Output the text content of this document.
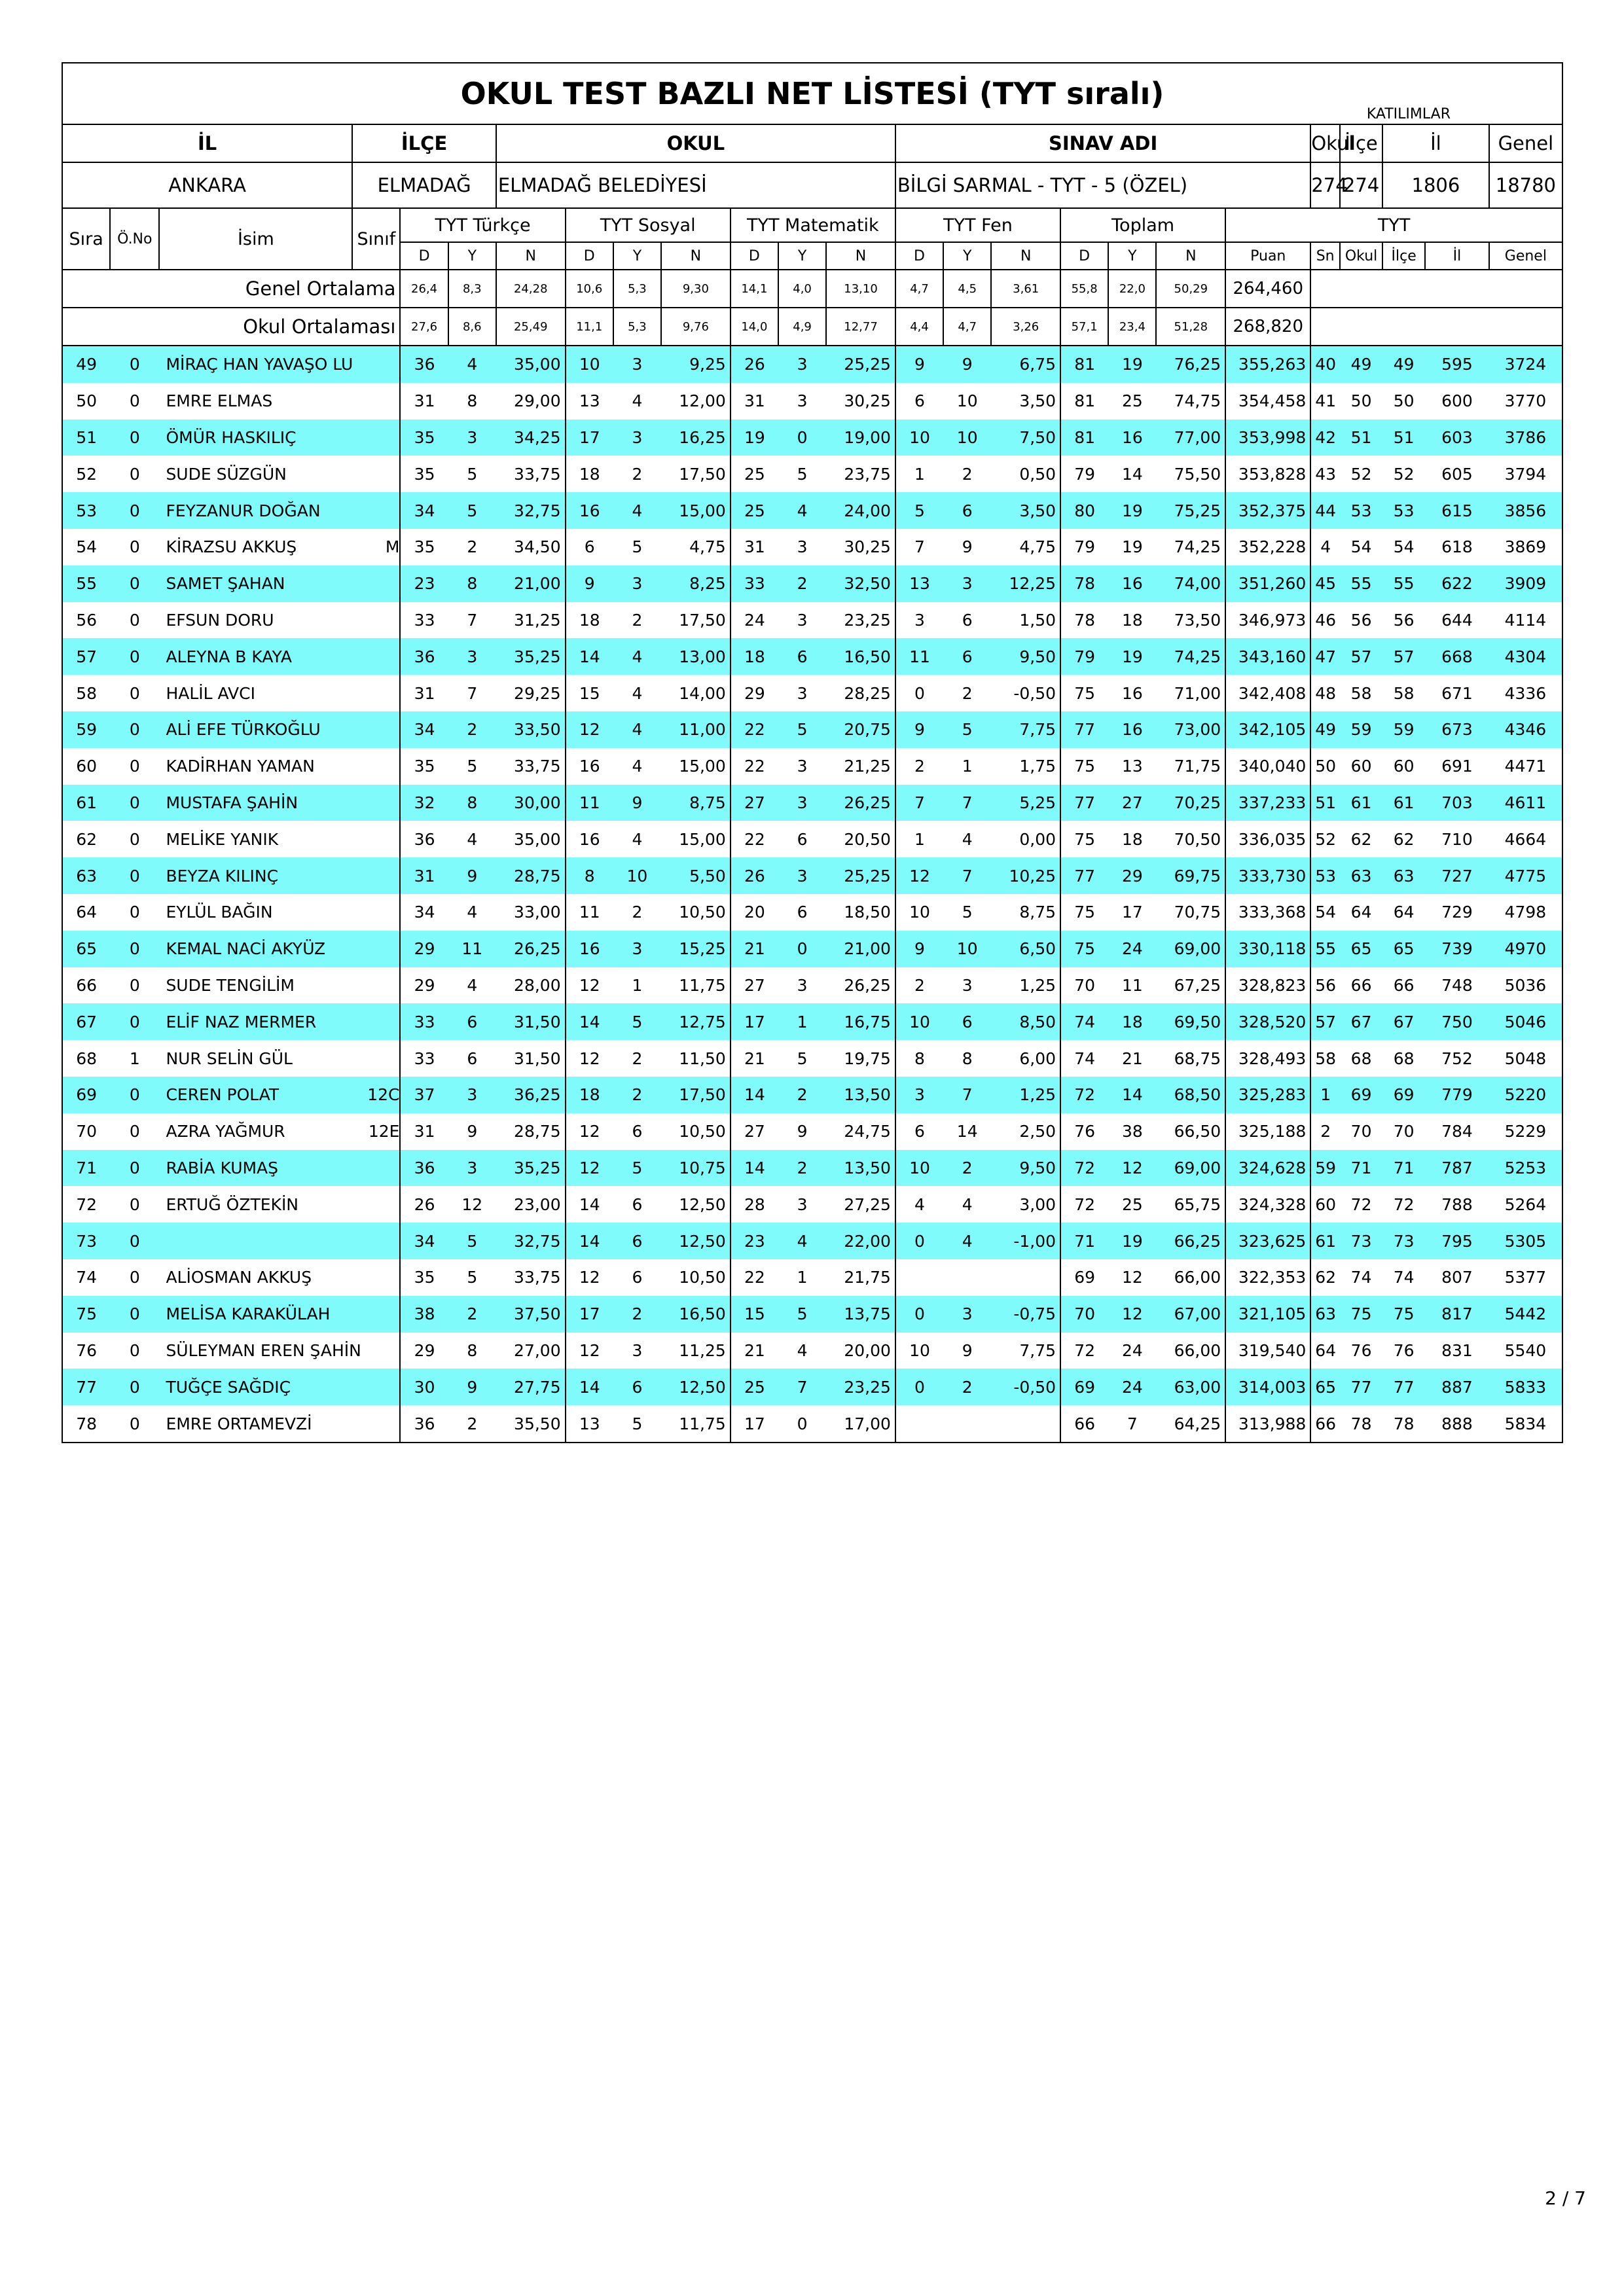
OKUL TEST BAZLI NET LİSTESİ (TYT sıralı)
KATILIMLAR																								

İL			İLÇE			OKUL							SINAV ADI							Okul	İlçe	İl		Genel
ANKARA			ELMADAĞ			ELMADAĞ BELEDİYESİ							BİLGİ SARMAL - TYT - 5 (ÖZEL)							274	274	1806		18780
Sıra	Ö.No	İsim	Sınıf	TYT Türkçe			TYT Sosyal			TYT Matematik			TYT Fen			Toplam			TYT					
				D	Y	N	D	Y	N	D	Y	N	D	Y	N	D	Y	N	Puan	Sn	Okul	İlçe	İl	Genel
Genel Ortalama				26,4	8,3	24,28	10,6	5,3	9,30	14,1	4,0	13,10	4,7	4,5	3,61	55,8	22,0	50,29	264,460					
Okul Ortalaması				27,6	8,6	25,49	11,1	5,3	9,76	14,0	4,9	12,77	4,4	4,7	3,26	57,1	23,4	51,28	268,820					
49	0	MİRAÇ HAN YAVAŞO LU		36	4	35,00	10	3	9,25	26	3	25,25	9	9	6,75	81	19	76,25	355,263	40	49	49	595	3724
50	0	EMRE ELMAS		31	8	29,00	13	4	12,00	31	3	30,25	6	10	3,50	81	25	74,75	354,458	41	50	50	600	3770
51	0	ÖMÜR HASKILIÇ		35	3	34,25	17	3	16,25	19	0	19,00	10	10	7,50	81	16	77,00	353,998	42	51	51	603	3786
52	0	SUDE SÜZGÜN		35	5	33,75	18	2	17,50	25	5	23,75	1	2	0,50	79	14	75,50	353,828	43	52	52	605	3794
53	0	FEYZANUR DOĞAN		34	5	32,75	16	4	15,00	25	4	24,00	5	6	3,50	80	19	75,25	352,375	44	53	53	615	3856
54	0	KİRAZSU AKKUŞ	M	35	2	34,50	6	5	4,75	31	3	30,25	7	9	4,75	79	19	74,25	352,228	4	54	54	618	3869
55	0	SAMET ŞAHAN		23	8	21,00	9	3	8,25	33	2	32,50	13	3	12,25	78	16	74,00	351,260	45	55	55	622	3909
56	0	EFSUN DORU		33	7	31,25	18	2	17,50	24	3	23,25	3	6	1,50	78	18	73,50	346,973	46	56	56	644	4114
57	0	ALEYNA B KAYA		36	3	35,25	14	4	13,00	18	6	16,50	11	6	9,50	79	19	74,25	343,160	47	57	57	668	4304
58	0	HALİL AVCI		31	7	29,25	15	4	14,00	29	3	28,25	0	2	-0,50	75	16	71,00	342,408	48	58	58	671	4336
59	0	ALİ EFE TÜRKOĞLU		34	2	33,50	12	4	11,00	22	5	20,75	9	5	7,75	77	16	73,00	342,105	49	59	59	673	4346
60	0	KADİRHAN YAMAN		35	5	33,75	16	4	15,00	22	3	21,25	2	1	1,75	75	13	71,75	340,040	50	60	60	691	4471
61	0	MUSTAFA ŞAHİN		32	8	30,00	11	9	8,75	27	3	26,25	7	7	5,25	77	27	70,25	337,233	51	61	61	703	4611
62	0	MELİKE YANIK		36	4	35,00	16	4	15,00	22	6	20,50	1	4	0,00	75	18	70,50	336,035	52	62	62	710	4664
63	0	BEYZA KILINÇ		31	9	28,75	8	10	5,50	26	3	25,25	12	7	10,25	77	29	69,75	333,730	53	63	63	727	4775
64	0	EYLÜL BAĞIN		34	4	33,00	11	2	10,50	20	6	18,50	10	5	8,75	75	17	70,75	333,368	54	64	64	729	4798
65	0	KEMAL NACİ AKYÜZ		29	11	26,25	16	3	15,25	21	0	21,00	9	10	6,50	75	24	69,00	330,118	55	65	65	739	4970
66	0	SUDE TENGİLİM		29	4	28,00	12	1	11,75	27	3	26,25	2	3	1,25	70	11	67,25	328,823	56	66	66	748	5036
67	0	ELİF NAZ MERMER		33	6	31,50	14	5	12,75	17	1	16,75	10	6	8,50	74	18	69,50	328,520	57	67	67	750	5046
68	1	NUR SELİN GÜL		33	6	31,50	12	2	11,50	21	5	19,75	8	8	6,00	74	21	68,75	328,493	58	68	68	752	5048
69	0	CEREN POLAT	12C	37	3	36,25	18	2	17,50	14	2	13,50	3	7	1,25	72	14	68,50	325,283	1	69	69	779	5220
70	0	AZRA YAĞMUR	12E	31	9	28,75	12	6	10,50	27	9	24,75	6	14	2,50	76	38	66,50	325,188	2	70	70	784	5229
71	0	RABİA KUMAŞ		36	3	35,25	12	5	10,75	14	2	13,50	10	2	9,50	72	12	69,00	324,628	59	71	71	787	5253
72	0	ERTUĞ ÖZTEKİN		26	12	23,00	14	6	12,50	28	3	27,25	4	4	3,00	72	25	65,75	324,328	60	72	72	788	5264
73	0			34	5	32,75	14	6	12,50	23	4	22,00	0	4	-1,00	71	19	66,25	323,625	61	73	73	795	5305
74	0	ALİOSMAN AKKUŞ		35	5	33,75	12	6	10,50	22	1	21,75				69	12	66,00	322,353	62	74	74	807	5377
75	0	MELİSA KARAKÜLAH		38	2	37,50	17	2	16,50	15	5	13,75	0	3	-0,75	70	12	67,00	321,105	63	75	75	817	5442
76	0	SÜLEYMAN EREN ŞAHİN		29	8	27,00	12	3	11,25	21	4	20,00	10	9	7,75	72	24	66,00	319,540	64	76	76	831	5540
77	0	TUĞÇE SAĞDIÇ		30	9	27,75	14	6	12,50	25	7	23,25	0	2	-0,50	69	24	63,00	314,003	65	77	77	887	5833
78	0	EMRE ORTAMEVZİ		36	2	35,50	13	5	11,75	17	0	17,00				66	7	64,25	313,988	66	78	78	888	5834

2 / 7
